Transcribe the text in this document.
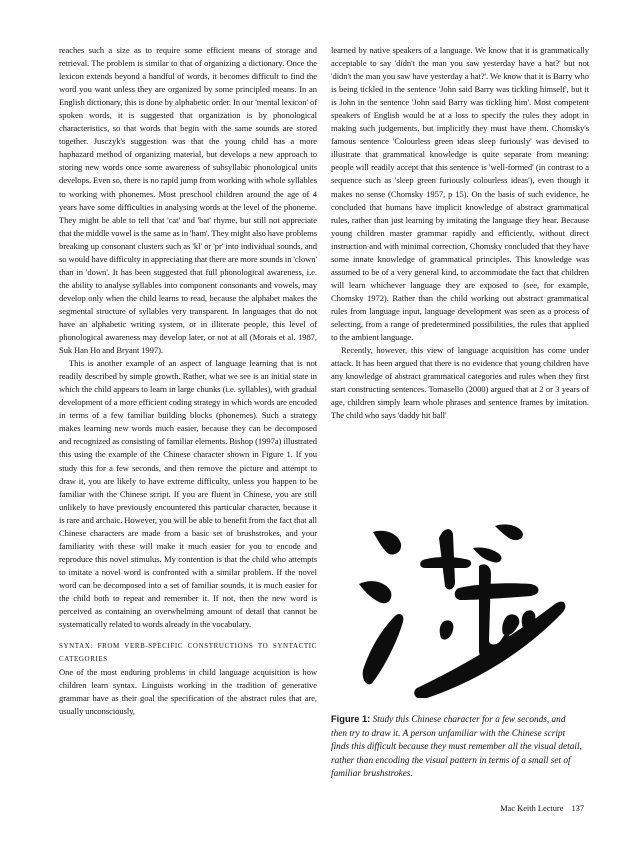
reaches such a size as to require some efficient means of storage and retrieval. The problem is similar to that of organizing a dictionary. Once the lexicon extends beyond a handful of words, it becomes difficult to find the word you want unless they are organized by some principled means. In an English dictionary, this is done by alphabetic order. In our 'mental lexicon' of spoken words, it is suggested that organization is by phonological characteristics, so that words that begin with the same sounds are stored together. Jusczyk's suggestion was that the young child has a more haphazard method of organizing material, but develops a new approach to storing new words once some awareness of subsyllabic phonological units develops. Even so, there is no rapid jump from working with whole syllables to working with phonemes. Most preschool children around the age of 4 years have some difficulties in analysing words at the level of the phoneme. They might be able to tell that 'cat' and 'bat' rhyme, but still not appreciate that the middle vowel is the same as in 'ham'. They might also have problems breaking up consonant clusters such as 'kl' or 'pr' into individual sounds, and so would have difficulty in appreciating that there are more sounds in 'clown' than in 'down'. It has been suggested that full phonological awareness, i.e. the ability to analyse syllables into component consonants and vowels, may develop only when the child learns to read, because the alphabet makes the segmental structure of syllables very transparent. In languages that do not have an alphabetic writing system, or in illiterate people, this level of phonological awareness may develop later, or not at all (Morais et al. 1987, Suk Han Ho and Bryant 1997).

This is another example of an aspect of language learning that is not readily described by simple growth. Rather, what we see is an initial state in which the child appears to learn in large chunks (i.e. syllables), with gradual development of a more efficient coding strategy in which words are encoded in terms of a few familiar building blocks (phonemes). Such a strategy makes learning new words much easier, because they can be decomposed and recognized as consisting of familiar elements. Bishop (1997a) illustrated this using the example of the Chinese character shown in Figure 1. If you study this for a few seconds, and then remove the picture and attempt to draw it, you are likely to have extreme difficulty, unless you happen to be familiar with the Chinese script. If you are fluent in Chinese, you are still unlikely to have previously encountered this particular character, because it is rare and archaic. However, you will be able to benefit from the fact that all Chinese characters are made from a basic set of brushstrokes, and your familiarity with these will make it much easier for you to encode and reproduce this novel stimulus. My contention is that the child who attempts to imitate a novel word is confronted with a similar problem. If the novel word can be decomposed into a set of familiar sounds, it is much easier for the child both to repeat and remember it. If not, then the new word is perceived as containing an overwhelming amount of detail that cannot be systematically related to words already in the vocabulary.

SYNTAX: FROM VERB-SPECIFIC CONSTRUCTIONS TO SYNTACTIC CATEGORIES

One of the most enduring problems in child language acquisition is how children learn syntax. Linguists working in the tradition of generative grammar have as their goal the specification of the abstract rules that are, usually unconsciously,

learned by native speakers of a language. We know that it is grammatically acceptable to say 'didn't the man you saw yesterday have a hat?' but not 'didn't the man you saw have yesterday a hat?'. We know that it is Barry who is being tickled in the sentence 'John said Barry was tickling himself', but it is John in the sentence 'John said Barry was tickling him'. Most competent speakers of English would be at a loss to specify the rules they adopt in making such judgements, but implicitly they must have them. Chomsky's famous sentence 'Colourless green ideas sleep furiously' was devised to illustrate that grammatical knowledge is quite separate from meaning: people will readily accept that this sentence is 'well-formed' (in contrast to a sequence such as 'sleep green furiously colourless ideas'), even though it makes no sense (Chomsky 1957, p 15). On the basis of such evidence, he concluded that humans have implicit knowledge of abstract grammatical rules, rather than just learning by imitating the language they hear. Because young children master grammar rapidly and efficiently, without direct instruction and with minimal correction, Chomsky concluded that they have some innate knowledge of grammatical principles. This knowledge was assumed to be of a very general kind, to accommodate the fact that children will learn whichever language they are exposed to (see, for example, Chomsky 1972). Rather than the child working out abstract grammatical rules from language input, language development was seen as a process of selecting, from a range of predetermined possibilities, the rules that applied to the ambient language.

Recently, however, this view of language acquisition has come under attack. It has been argued that there is no evidence that young children have any knowledge of abstract grammatical categories and rules when they first start constructing sentences. Tomasello (2000) argued that at 2 or 3 years of age, children simply learn whole phrases and sentence frames by imitation. The child who says 'daddy hit ball'

Figure 1: Study this Chinese character for a few seconds, and then try to draw it. A person unfamiliar with the Chinese script finds this difficult because they must remember all the visual detail, rather than encoding the visual pattern in terms of a small set of familiar brushstrokes.
Mac Keith Lecture 137
